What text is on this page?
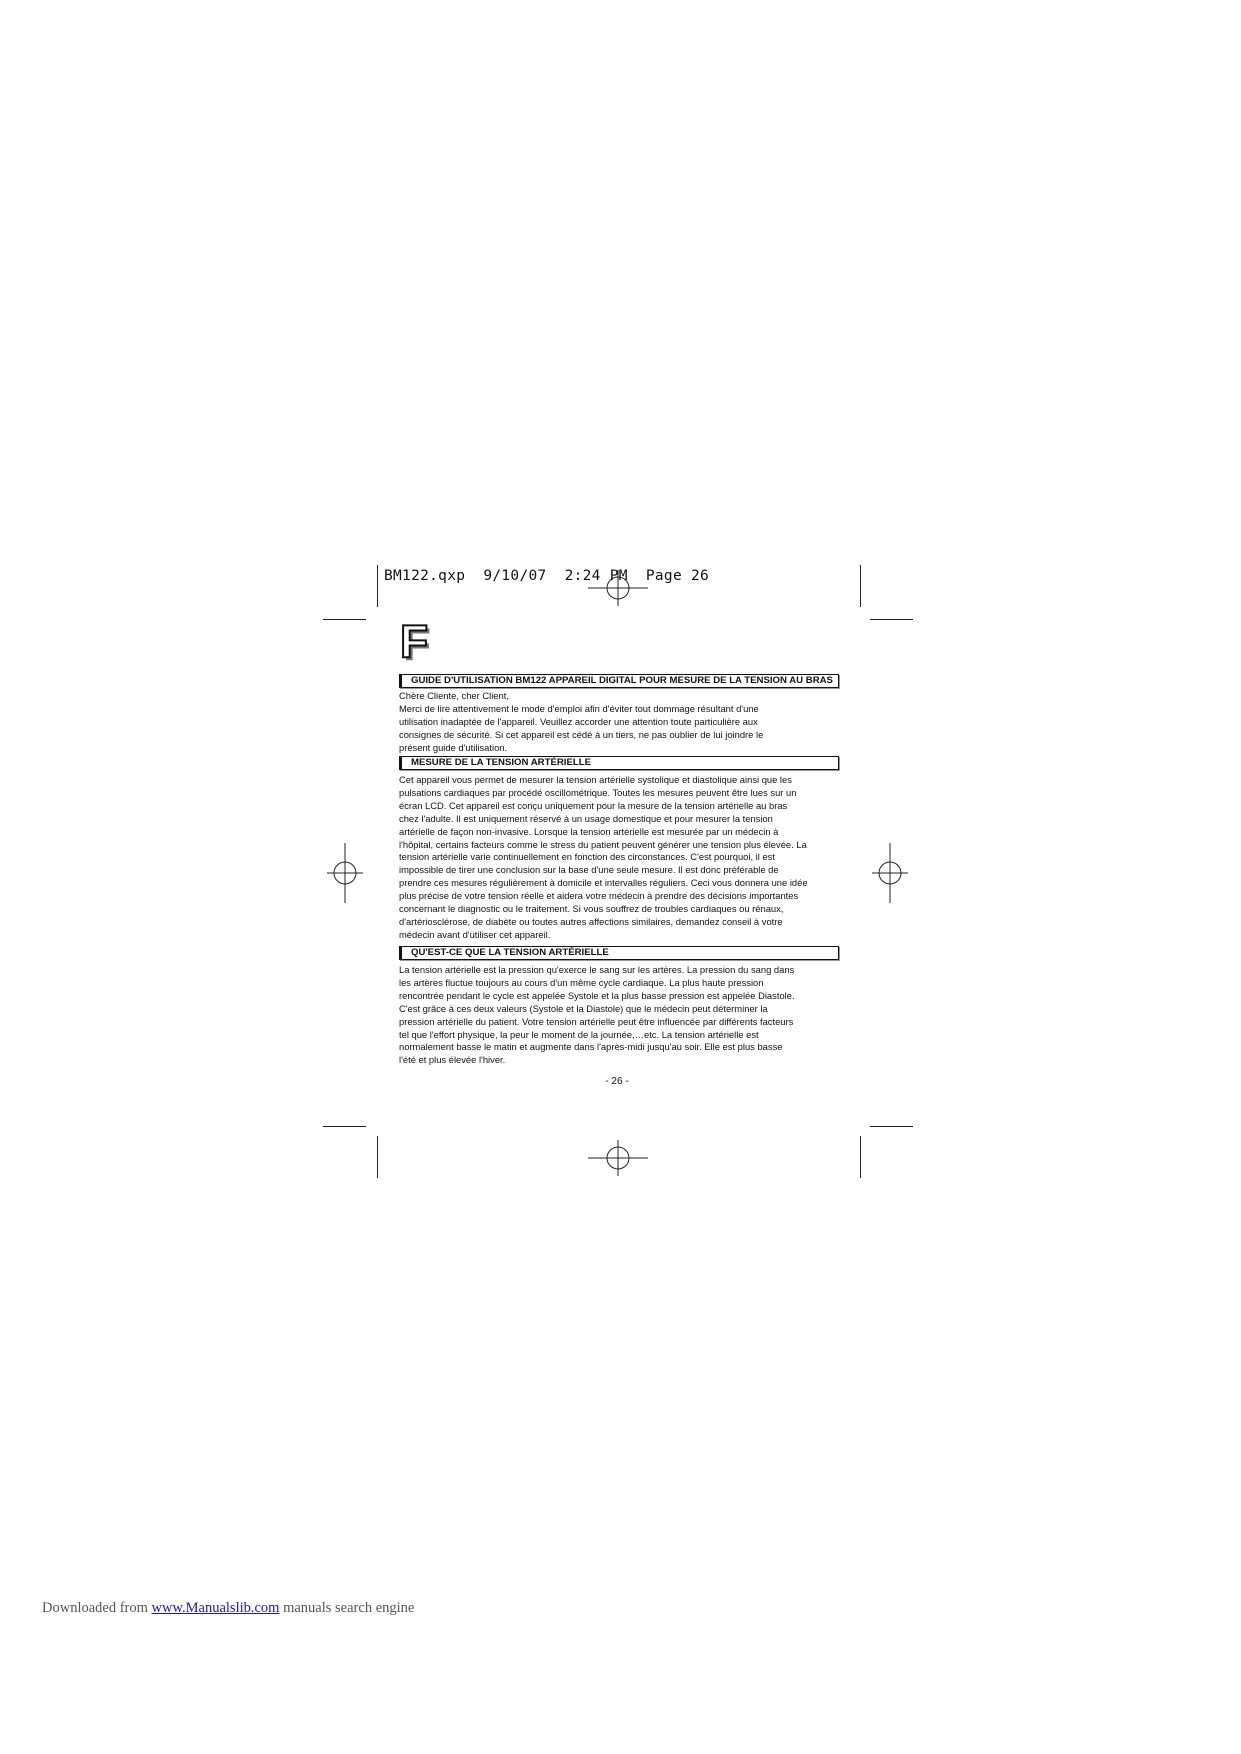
BM122.qxp  9/10/07  2:24 PM  Page 26
F
GUIDE D'UTILISATION BM122 APPAREIL DIGITAL POUR MESURE DE LA TENSION AU BRAS
Chère Cliente, cher Client,
Merci de lire attentivement le mode d'emploi afin d'éviter tout dommage résultant d'une
utilisation inadaptée de l'appareil. Veuillez accorder une attention toute particulière aux
consignes de sécurité. Si cet appareil est cédé à un tiers, ne pas oublier de lui joindre le
présent guide d'utilisation.
MESURE DE LA TENSION ARTÉRIELLE
Cet appareil vous permet de mesurer la tension artérielle systolique et diastolique ainsi que les
pulsations cardiaques par procédé oscillométrique. Toutes les mesures peuvent être lues sur un
écran LCD. Cet appareil est conçu uniquement pour la mesure de la tension artérielle au bras
chez l'adulte. Il est uniquement réservé à un usage domestique et pour mesurer la tension
artérielle de façon non-invasive. Lorsque la tension artérielle est mesurée par un médecin à
l'hôpital, certains facteurs comme le stress du patient peuvent générer une tension plus élevée. La
tension artérielle varie continuellement en fonction des circonstances. C'est pourquoi, il est
impossible de tirer une conclusion sur la base d'une seule mesure. Il est donc préférable de
prendre ces mesures régulièrement à domicile et intervalles réguliers. Ceci vous donnera une idée
plus précise de votre tension réelle et aidera votre médecin à prendre des décisions importantes
concernant le diagnostic ou le traitement. Si vous souffrez de troubles cardiaques ou rénaux,
d'artériosclérose, de diabète ou toutes autres affections similaires, demandez conseil à votre
médecin avant d'utiliser cet appareil.
QU'EST-CE QUE LA TENSION ARTÉRIELLE
La tension artérielle est la pression qu'exerce le sang sur les artères. La pression du sang dans
les artères fluctue toujours au cours d'un même cycle cardiaque. La plus haute pression
rencontrée pendant le cycle est appelée Systole et la plus basse pression est appelée Diastole.
C'est grâce à ces deux valeurs (Systole et la Diastole) que le médecin peut déterminer la
pression artérielle du patient. Votre tension artérielle peut être influencée par différents facteurs
tel que l'effort physique, la peur le moment de la journée,…etc. La tension artérielle est
normalement basse le matin et augmente dans l'après-midi jusqu'au soir. Elle est plus basse
l'été et plus élevée l'hiver.
- 26 -
Downloaded from www.Manualslib.com manuals search engine
